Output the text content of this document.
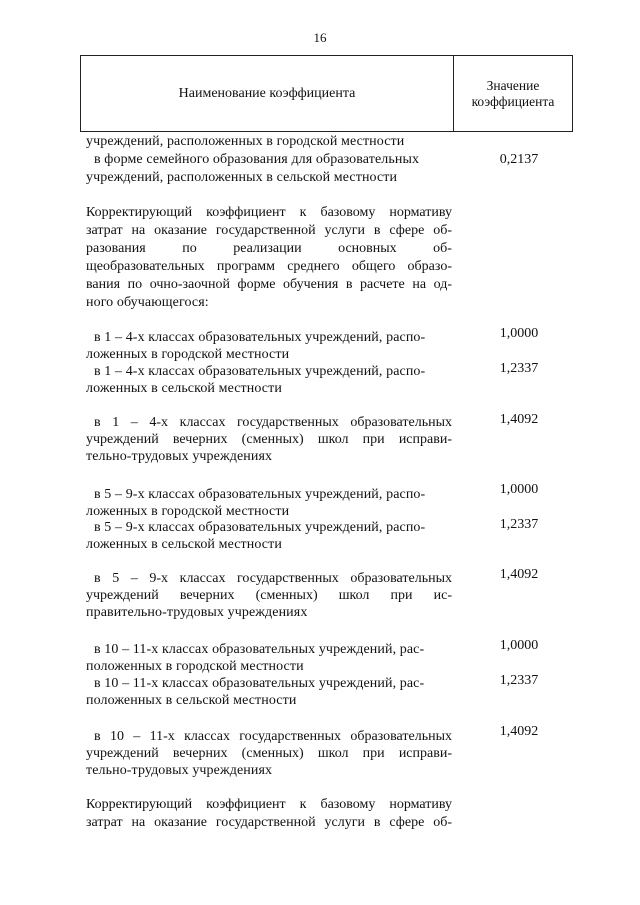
16
Наименование коэффициента
Значение
коэффициента
учреждений, расположенных в городской местности
в форме семейного образования для образовательных
учреждений, расположенных в сельской местности
0,2137
Корректирующий коэффициент к базовому нормативу
затрат на оказание государственной услуги в сфере об-
разования	по	реализации	основных	об-
щеобразовательных программ среднего общего образо-
вания по очно-заочной форме обучения в расчете на од-
ного обучающегося:
в 1 – 4-х классах образовательных учреждений, распо-
ложенных в городской местности
1,0000
в 1 – 4-х классах образовательных учреждений, распо-
ложенных в сельской местности
1,2337
в 1 – 4-х классах государственных образовательных
учреждений вечерних (сменных) школ при исправи-
тельно-трудовых учреждениях
1,4092
в 5 – 9-х классах образовательных учреждений, распо-
ложенных в городской местности
1,0000
в 5 – 9-х классах образовательных учреждений, распо-
ложенных в сельской местности
1,2337
в 5 – 9-х классах государственных образовательных
учреждений вечерних (сменных) школ при ис-
правительно-трудовых учреждениях
1,4092
в 10 – 11-х классах образовательных учреждений, рас-
положенных в городской местности
1,0000
в 10 – 11-х классах образовательных учреждений, рас-
положенных в сельской местности
1,2337
в 10 – 11-х классах государственных образовательных
учреждений вечерних (сменных) школ при исправи-
тельно-трудовых учреждениях
1,4092
Корректирующий коэффициент к базовому нормативу
затрат на оказание государственной услуги в сфере об-
